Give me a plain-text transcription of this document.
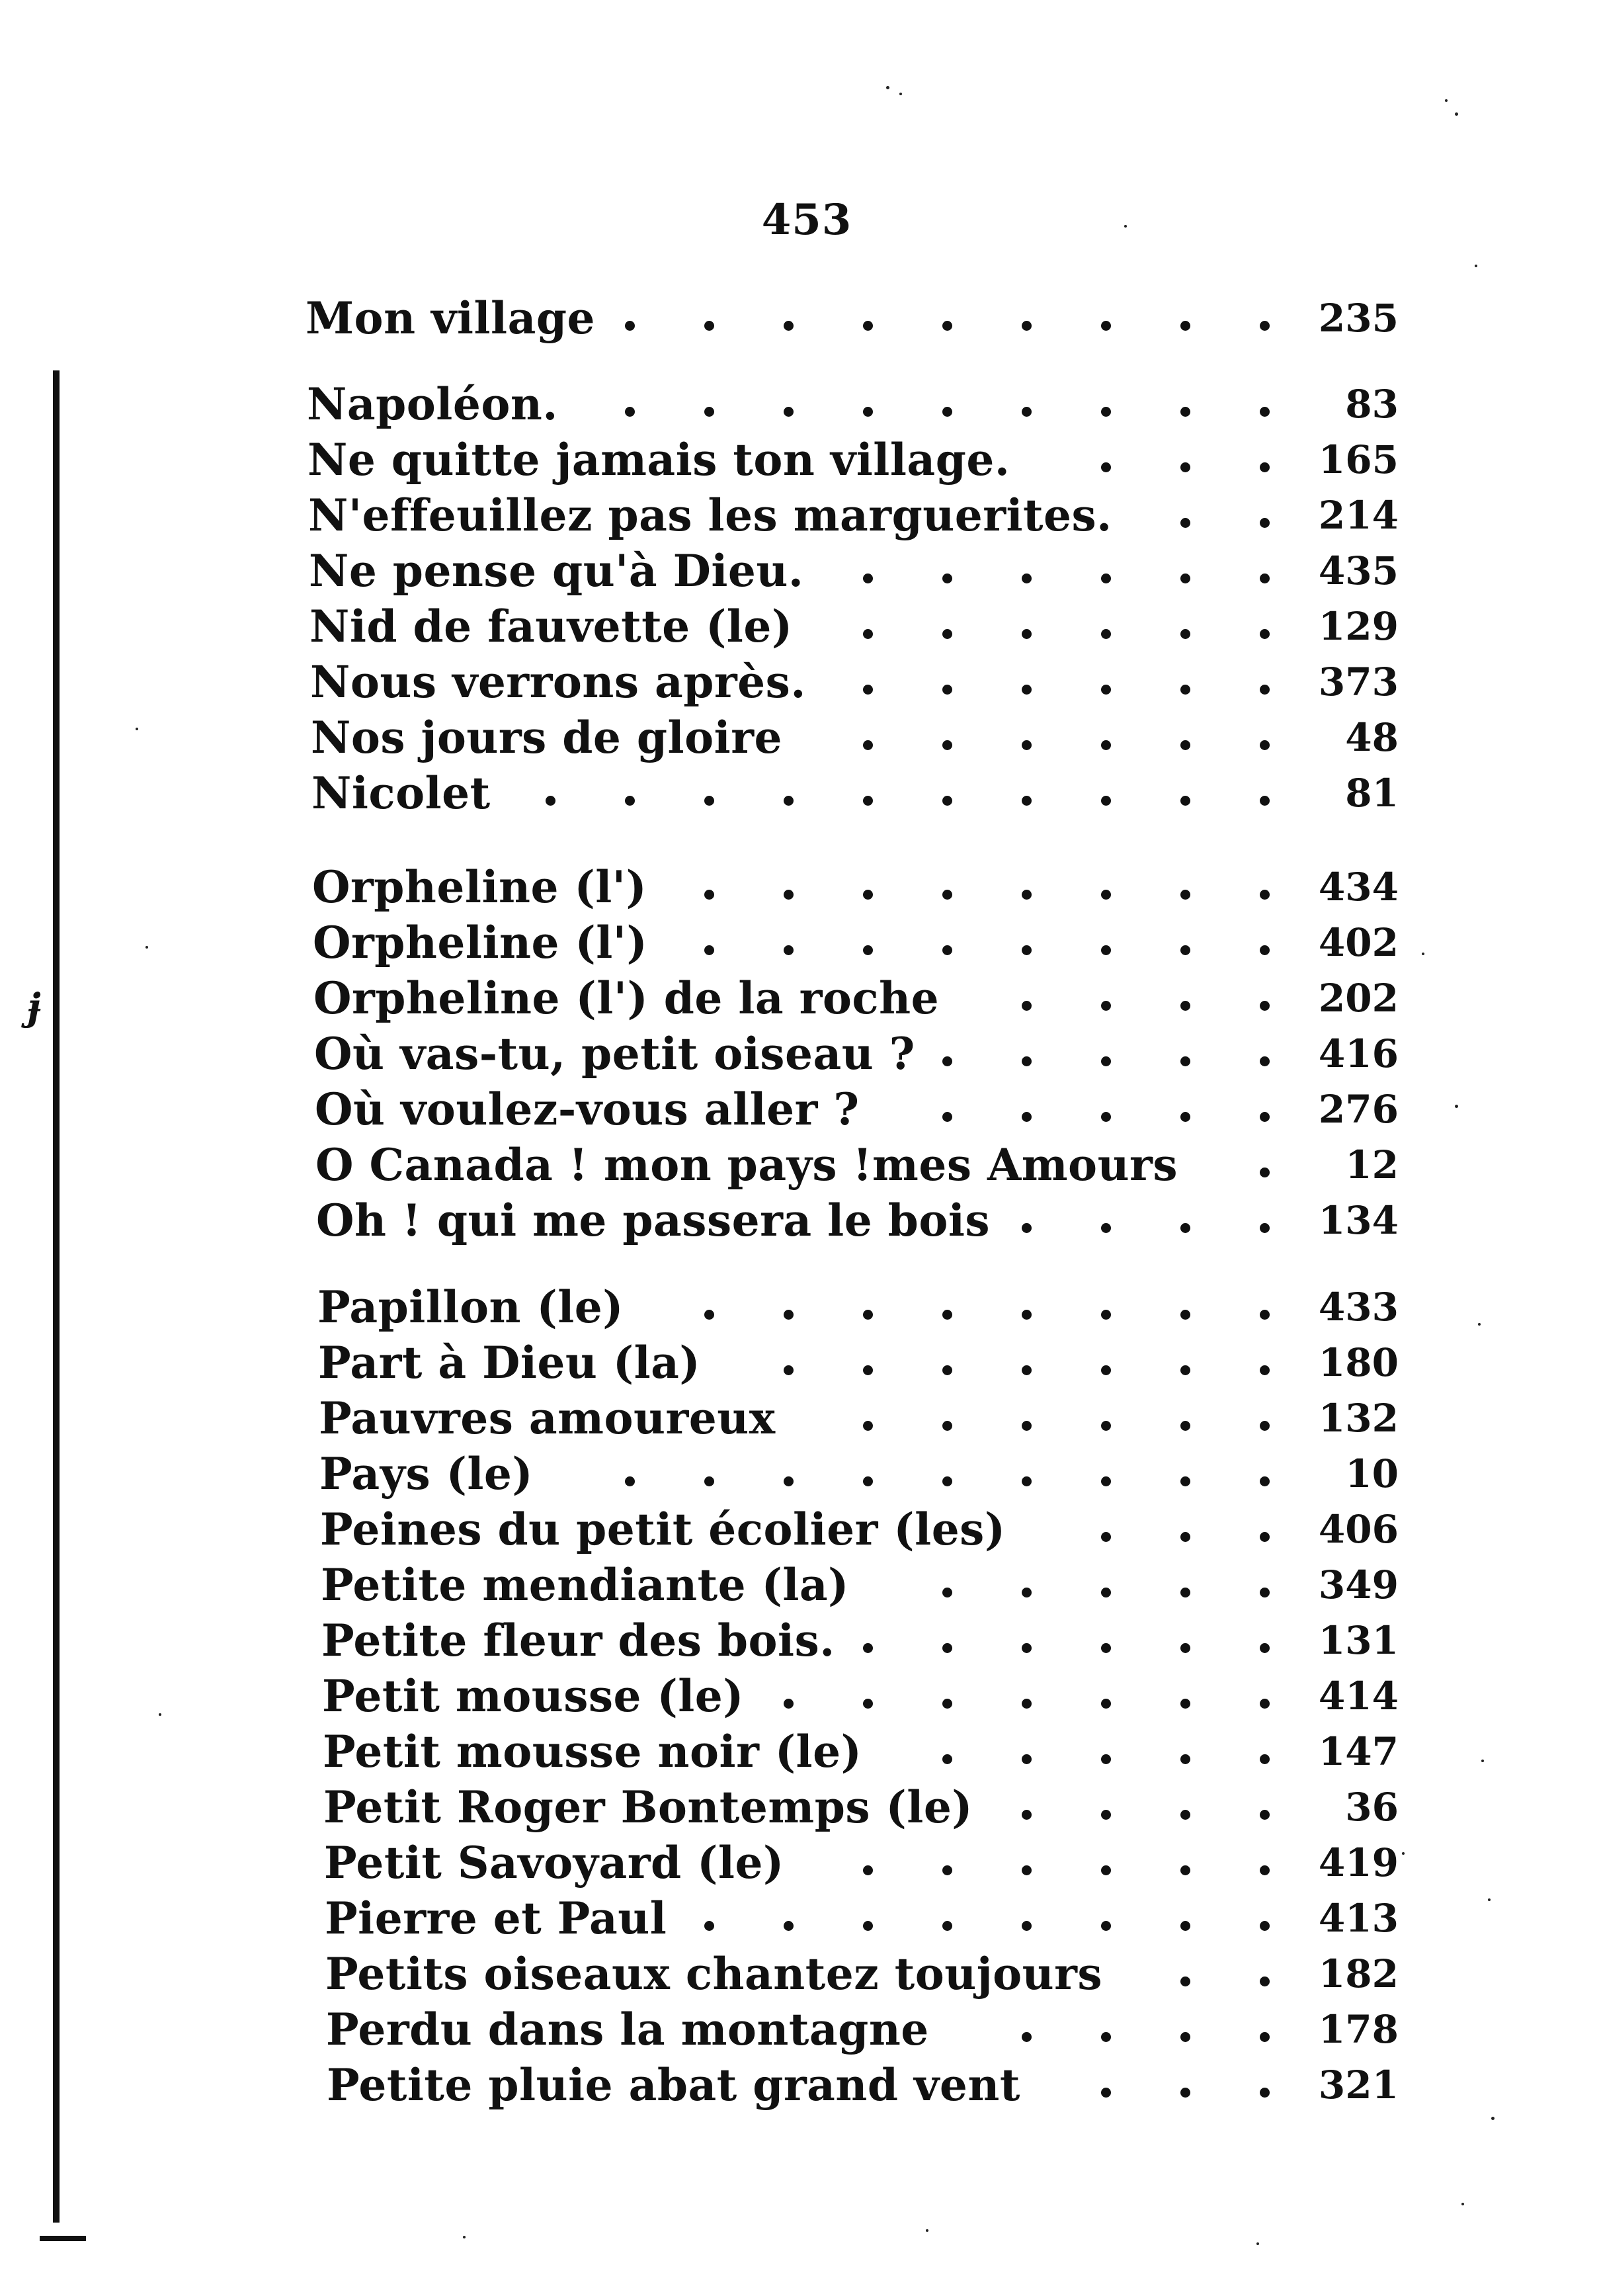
ɉ
453
Mon village	235
Napoléon.	83
Ne quitte jamais ton village.	165
N'effeuillez pas les marguerites.	214
Ne pense qu'à Dieu.	435
Nid de fauvette (le)	129
Nous verrons après.	373
Nos jours de gloire	48
Nicolet	81
Orpheline (l')	434
Orpheline (l')	402
Orpheline (l') de la roche	202
Où vas-tu, petit oiseau ?	416
Où voulez-vous aller ?	276
O Canada ! mon pays !mes Amours	12
Oh ! qui me passera le bois	134
Papillon (le)	433
Part à Dieu (la)	180
Pauvres amoureux	132
Pays (le)	10
Peines du petit écolier (les)	406
Petite mendiante (la)	349
Petite fleur des bois.	131
Petit mousse (le)	414
Petit mousse noir (le)	147
Petit Roger Bontemps (le)	36
Petit Savoyard (le)	419
Pierre et Paul	413
Petits oiseaux chantez toujours	182
Perdu dans la montagne	178
Petite pluie abat grand vent	321
